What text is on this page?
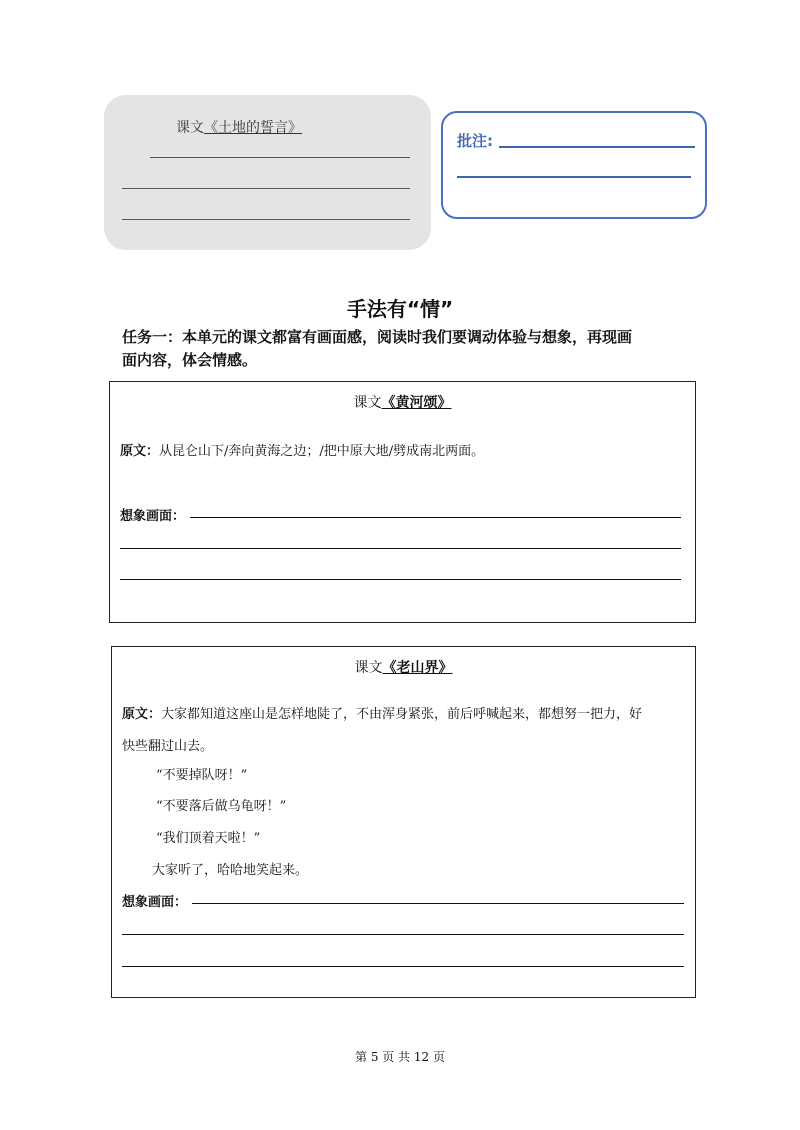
课文《土地的誓言》
批注:
手法有“情”
任务一：本单元的课文都富有画面感，阅读时我们要调动体验与想象，再现画
面内容，体会情感。
课文《黄河颂》
原文：从昆仑山下/奔向黄海之边；/把中原大地/劈成南北两面。
想象画面：
课文《老山界》
原文：大家都知道这座山是怎样地陡了，不由浑身紧张，前后呼喊起来，都想努一把力，好
快些翻过山去。
“不要掉队呀！”
“不要落后做乌龟呀！”
“我们顶着天啦！”
大家听了，哈哈地笑起来。
想象画面：
第 5 页 共 12 页
